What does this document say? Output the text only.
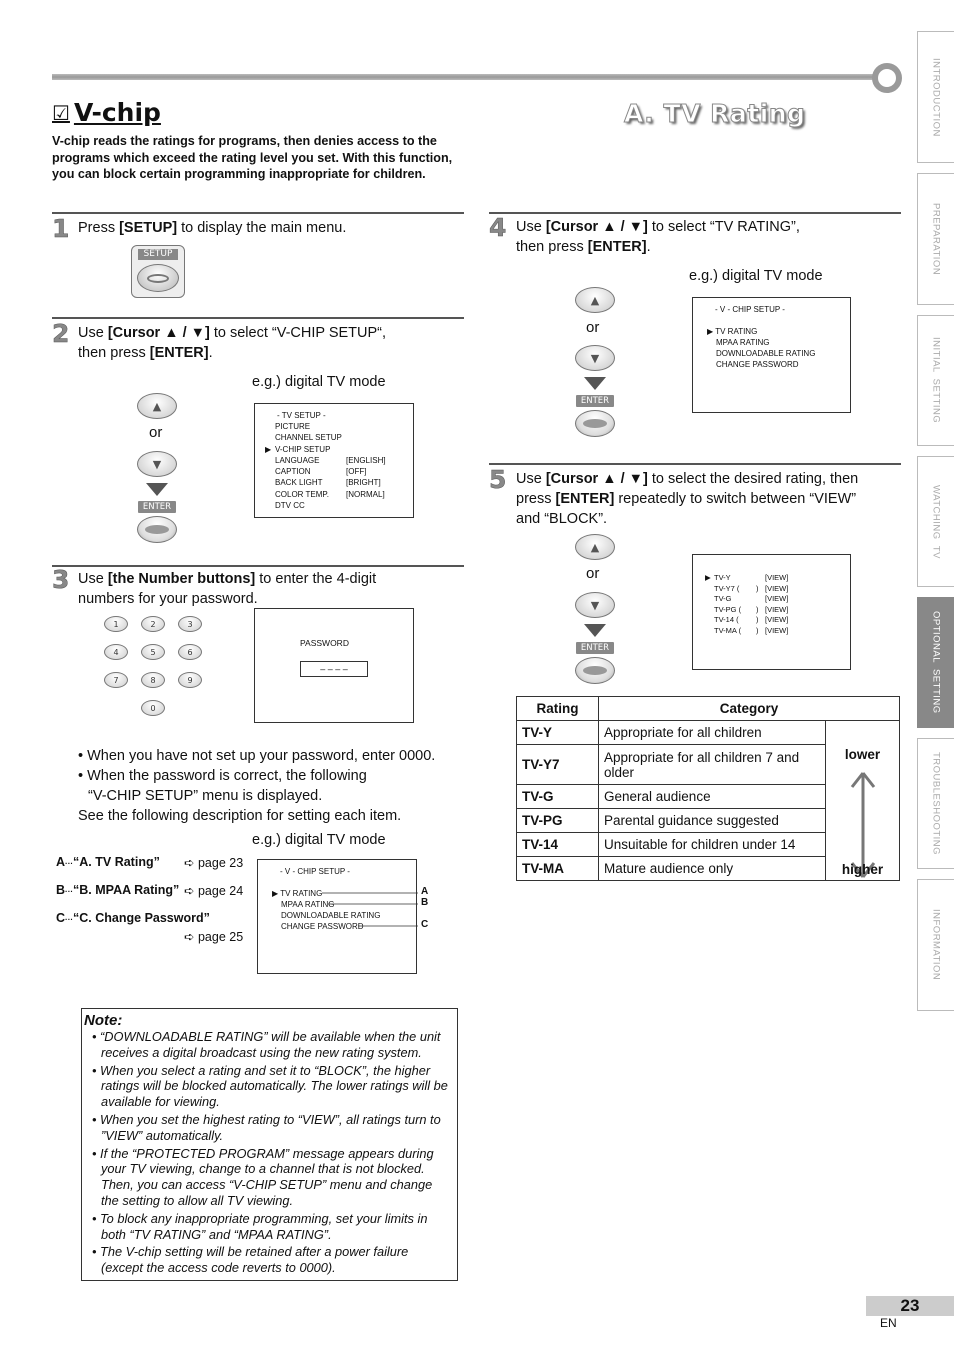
☑ V-chip	A. TV Rating
V-chip reads the ratings for programs, then denies access to the programs which exceed the rating level you set. With this function, you can block certain programming inappropriate for children.
1 Press [SETUP] to display the main menu.
SETUP
2 Use [Cursor ▲ / ▼] to select “V-CHIP SETUP“,
then press [ENTER].
e.g.) digital TV mode
▲
or
▼
ENTER
- TV SETUP -
PICTURE
CHANNEL SETUP
V-CHIP SETUP
▶
LANGUAGE	[ENGLISH]
CAPTION	[OFF]
BACK LIGHT	[BRIGHT]
COLOR TEMP. [NORMAL]
DTV CC
3 Use [the Number buttons] to enter the 4-digit
numbers for your password.
1	2	3
4	5	6
7	8	9
0
PASSWORD
– – – –
• When you have not set up your password, enter 0000.
• When the password is correct, the following
“V-CHIP SETUP” menu is displayed.
See the following description for setting each item.
e.g.) digital TV mode
A···“A. TV Rating” ➪ page 23
B···“B. MPAA Rating” ➪ page 24
C···“C. Change Password”
➪ page 25
- V - CHIP SETUP -
▶ TV RATING
MPAA RATING
DOWNLOADABLE RATING
CHANGE PASSWORD
A
B
C
Note:
• “DOWNLOADABLE RATING” will be available when the unit receives a digital broadcast using the new rating system.
• When you select a rating and set it to “BLOCK”, the higher ratings will be blocked automatically. The lower ratings will be available for viewing.
• When you set the highest rating to “VIEW”, all ratings turn to ”VIEW” automatically.
• If the “PROTECTED PROGRAM” message appears during your TV viewing, change to a channel that is not blocked. Then, you can access “V-CHIP SETUP” menu and change the setting to allow all TV viewing.
• To block any inappropriate programming, set your limits in both “TV RATING” and “MPAA RATING”.
• The V-chip setting will be retained after a power failure (except the access code reverts to 0000).
4 Use [Cursor ▲ / ▼] to select “TV RATING”,
then press [ENTER].
e.g.) digital TV mode
▲
or
▼
ENTER
- V - CHIP SETUP -
▶ TV RATING
MPAA RATING
DOWNLOADABLE RATING
CHANGE PASSWORD
5 Use [Cursor ▲ / ▼] to select the desired rating, then
press [ENTER] repeatedly to switch between “VIEW”
and “BLOCK”.
▲
or
▼
ENTER
▶ TV-Y	[VIEW]
TV-Y7 ( ) [VIEW]
TV-G	[VIEW]
TV-PG ( ) [VIEW]
TV-14 ( ) [VIEW]
TV-MA ( ) [VIEW]
Rating	Category	
TV-Y	Appropriate for all children	lower
higher

TV-Y7	Appropriate for all children 7 and older	
TV-G	General audience	
TV-PG	Parental guidance suggested	
TV-14	Unsuitable for children under 14	
TV-MA	Mature audience only	
INTRODUCTION
PREPARATION
INITIAL  SETTING
WATCHING  TV
OPTIONAL  SETTING
TROUBLESHOOTING
INFORMATION
23
EN
